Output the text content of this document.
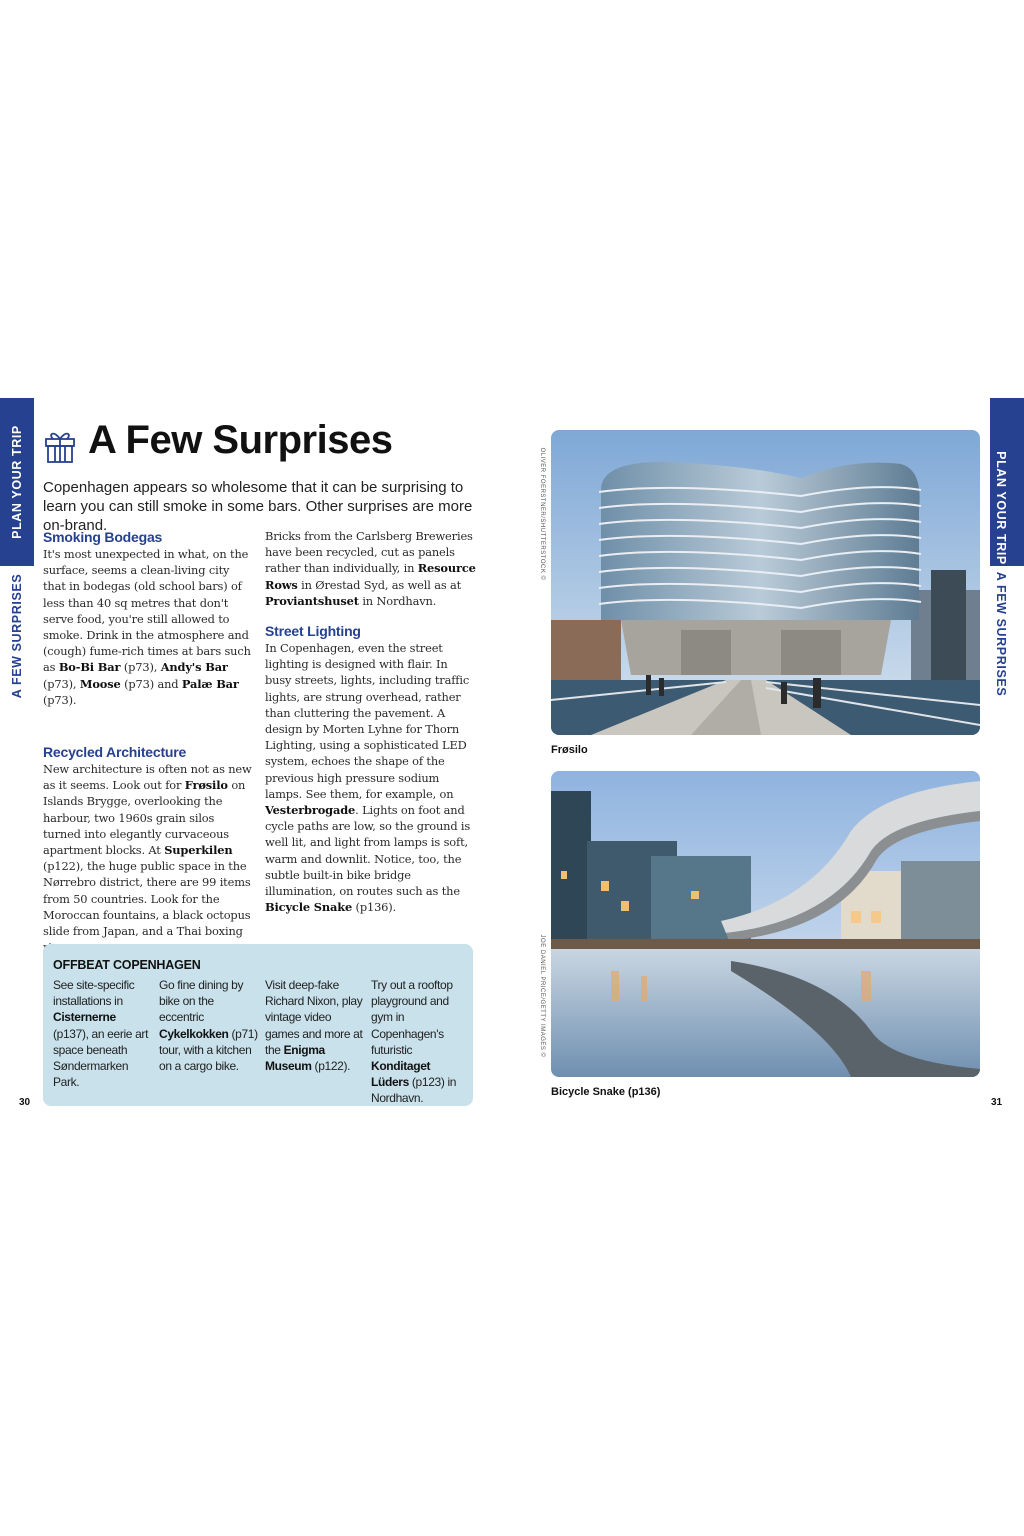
PLAN YOUR TRIP
A FEW SURPRISES
PLAN YOUR TRIP
A FEW SURPRISES
A Few Surprises

Copenhagen appears so wholesome that it can be surprising to learn you can still smoke in some bars. Other surprises are more on-brand.

Smoking Bodegas

It's most unexpected in what, on the surface, seems a clean-living city that in bodegas (old school bars) of less than 40 sq metres that don't serve food, you're still allowed to smoke. Drink in the atmosphere and (cough) fume-rich times at bars such as Bo-Bi Bar (p73), Andy's Bar (p73), Moose (p73) and Palæ Bar (p73).

Recycled Architecture

New architecture is often not as new as it seems. Look out for Frøsilo on Islands Brygge, overlooking the harbour, two 1960s grain silos turned into elegantly curvaceous apartment blocks. At Superkilen (p122), the huge public space in the Nørrebro district, there are 99 items from 50 countries. Look for the Moroccan fountains, a black octopus slide from Japan, and a Thai boxing

Bricks from the Carlsberg Breweries have been recycled, cut as panels rather than individually, in Resource Rows in Ørestad Syd, as well as at Proviantshuset in Nordhavn.

Street Lighting

In Copenhagen, even the street lighting is designed with flair. In busy streets, lights, including traffic lights, are strung overhead, rather than cluttering the pavement. A design by Morten Lyhne for Thorn Lighting, using a sophisticated LED system, echoes the shape of the previous high pressure sodium lamps. See them, for example, on Vesterbrogade. Lights on foot and cycle paths are low, so the ground is well lit, and light from lamps is soft, warm and downlit. Notice, too, the subtle built-in bike bridge illumination, on routes such as the Bicycle Snake (p136).

OFFBEAT COPENHAGEN
See site-specific installations in Cisternerne (p137), an eerie art space beneath Søndermarken Park.
Go fine dining by bike on the eccentric Cykelkokken (p71) tour, with a kitchen on a cargo bike.
Visit deep-fake Richard Nixon, play vintage video games and more at the Enigma Museum (p122).
Try out a rooftop playground and gym in Copenhagen's futuristic Konditaget Lüders (p123) in Nordhavn.
30	31
OLIVER FOERSTNER/SHUTTERSTOCK ©
Frøsilo
JOE DANIEL PRICE/GETTY IMAGES ©
Bicycle Snake (p136)
